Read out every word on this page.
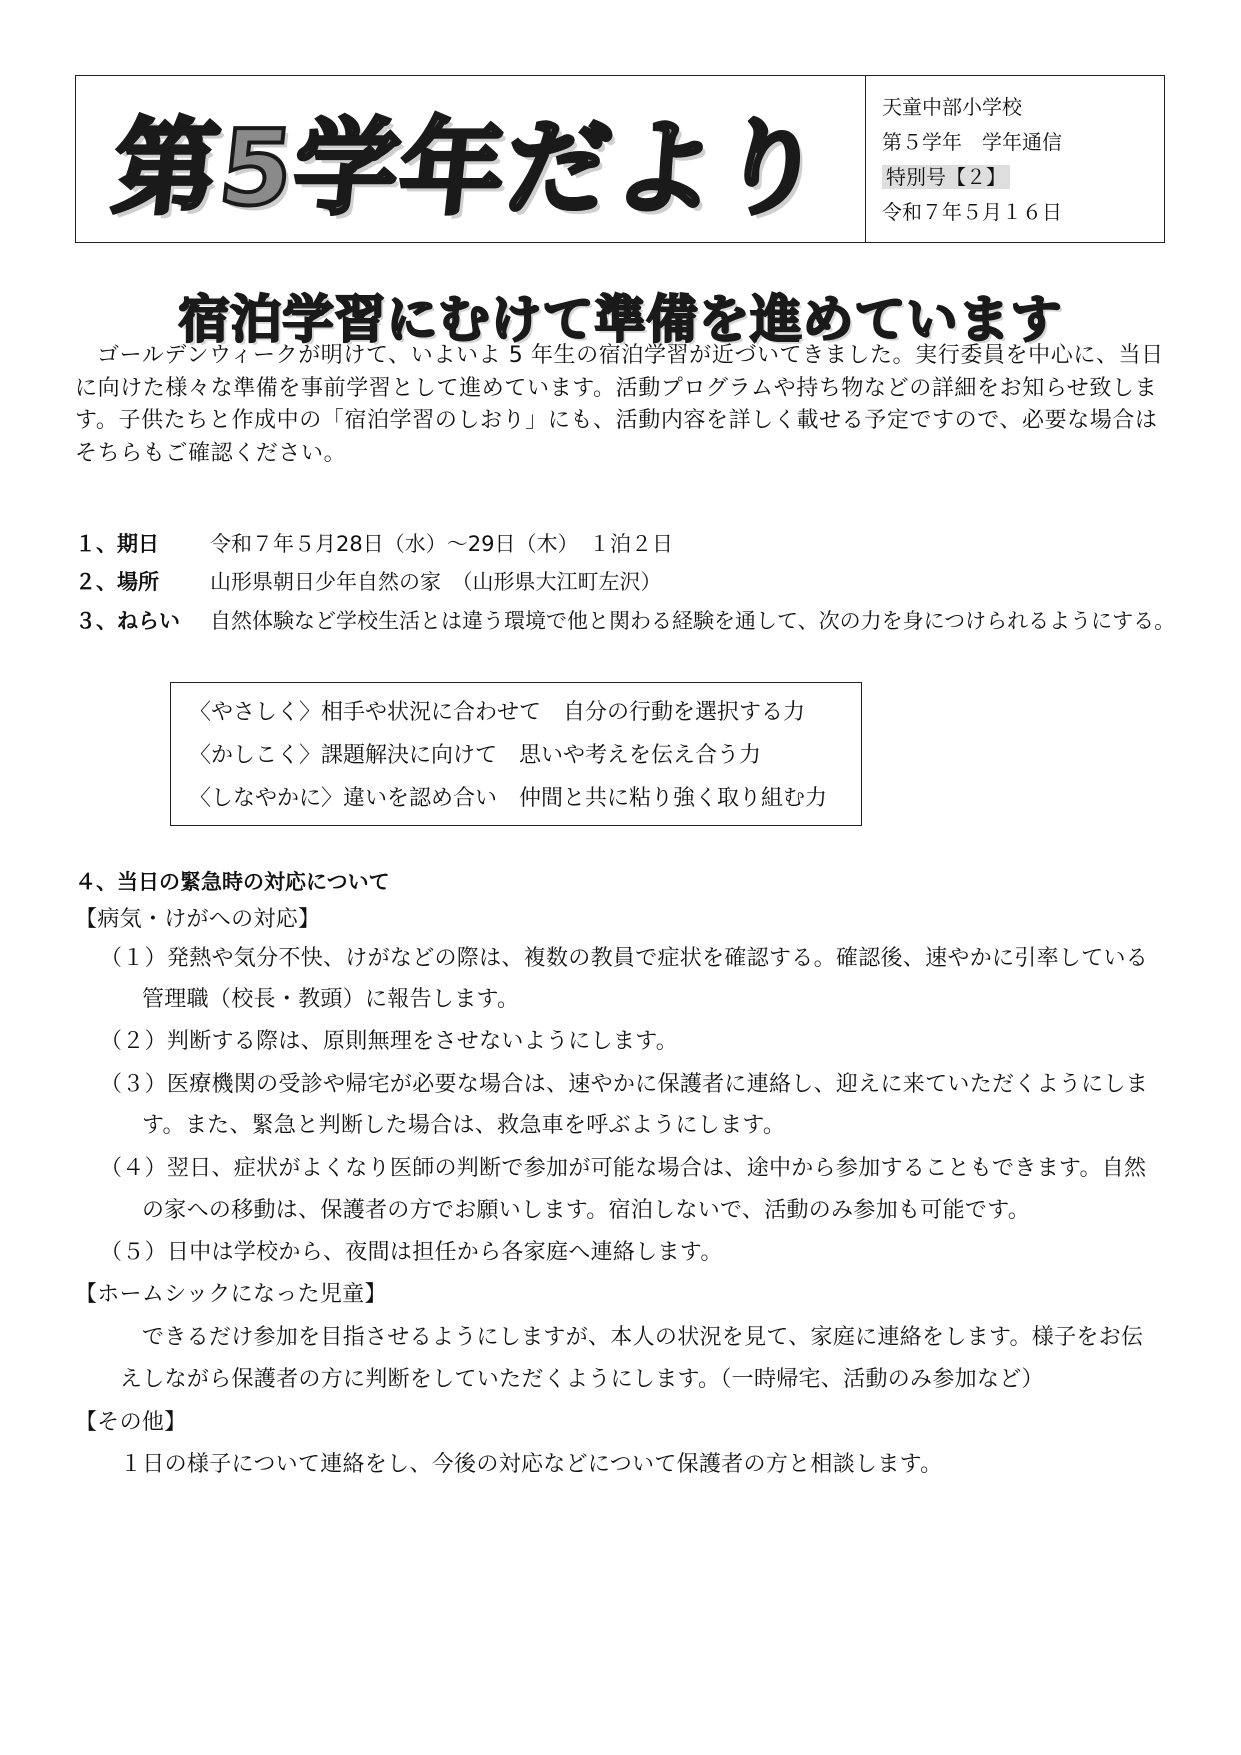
第5学年だより	天童中部小学校
第５学年　学年通信
特別号【２】
令和７年５月１６日
宿泊学習にむけて準備を進めています

ゴールデンウィークが明けて、いよいよ 5 年生の宿泊学習が近づいてきました。実行委員を中心に、当日に向けた様々な準備を事前学習として進めています。活動プログラムや持ち物などの詳細をお知らせ致します。子供たちと作成中の「宿泊学習のしおり」にも、活動内容を詳しく載せる予定ですので、必要な場合はそちらもご確認ください。

１、期日 令和７年５月28日（水）～29日（木）　１泊２日
２、場所 山形県朝日少年自然の家　（山形県大江町左沢）
３、ねらい 自然体験など学校生活とは違う環境で他と関わる経験を通して、次の力を身につけられるようにする。
〈やさしく〉相手や状況に合わせて　自分の行動を選択する力
〈かしこく〉課題解決に向けて　思いや考えを伝え合う力
〈しなやかに〉違いを認め合い　仲間と共に粘り強く取り組む力
４、当日の緊急時の対応について
【病気・けがへの対応】
（１）発熱や気分不快、けがなどの際は、複数の教員で症状を確認する。確認後、速やかに引率している
管理職（校長・教頭）に報告します。
（２）判断する際は、原則無理をさせないようにします。
（３）医療機関の受診や帰宅が必要な場合は、速やかに保護者に連絡し、迎えに来ていただくようにしま
す。また、緊急と判断した場合は、救急車を呼ぶようにします。
（４）翌日、症状がよくなり医師の判断で参加が可能な場合は、途中から参加することもできます。自然
の家への移動は、保護者の方でお願いします。宿泊しないで、活動のみ参加も可能です。
（５）日中は学校から、夜間は担任から各家庭へ連絡します。
【ホームシックになった児童】
できるだけ参加を目指させるようにしますが、本人の状況を見て、家庭に連絡をします。様子をお伝
えしながら保護者の方に判断をしていただくようにします。（一時帰宅、活動のみ参加など）
【その他】
１日の様子について連絡をし、今後の対応などについて保護者の方と相談します。
